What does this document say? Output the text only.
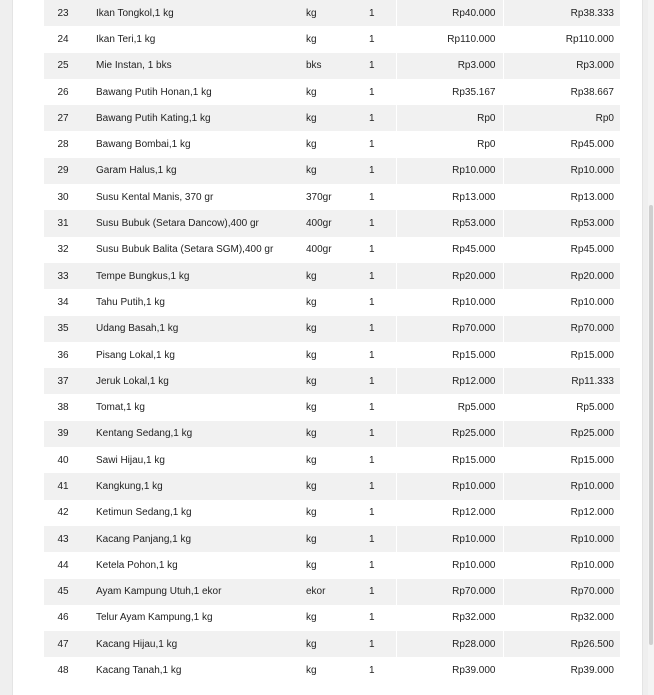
23	Ikan Tongkol,1 kg	kg	1	Rp40.000	Rp38.333
24	Ikan Teri,1 kg	kg	1	Rp110.000	Rp110.000
25	Mie Instan, 1 bks	bks	1	Rp3.000	Rp3.000
26	Bawang Putih Honan,1 kg	kg	1	Rp35.167	Rp38.667
27	Bawang Putih Kating,1 kg	kg	1	Rp0	Rp0
28	Bawang Bombai,1 kg	kg	1	Rp0	Rp45.000
29	Garam Halus,1 kg	kg	1	Rp10.000	Rp10.000
30	Susu Kental Manis, 370 gr	370gr	1	Rp13.000	Rp13.000
31	Susu Bubuk (Setara Dancow),400 gr	400gr	1	Rp53.000	Rp53.000
32	Susu Bubuk Balita (Setara SGM),400 gr	400gr	1	Rp45.000	Rp45.000
33	Tempe Bungkus,1 kg	kg	1	Rp20.000	Rp20.000
34	Tahu Putih,1 kg	kg	1	Rp10.000	Rp10.000
35	Udang Basah,1 kg	kg	1	Rp70.000	Rp70.000
36	Pisang Lokal,1 kg	kg	1	Rp15.000	Rp15.000
37	Jeruk Lokal,1 kg	kg	1	Rp12.000	Rp11.333
38	Tomat,1 kg	kg	1	Rp5.000	Rp5.000
39	Kentang Sedang,1 kg	kg	1	Rp25.000	Rp25.000
40	Sawi Hijau,1 kg	kg	1	Rp15.000	Rp15.000
41	Kangkung,1 kg	kg	1	Rp10.000	Rp10.000
42	Ketimun Sedang,1 kg	kg	1	Rp12.000	Rp12.000
43	Kacang Panjang,1 kg	kg	1	Rp10.000	Rp10.000
44	Ketela Pohon,1 kg	kg	1	Rp10.000	Rp10.000
45	Ayam Kampung Utuh,1 ekor	ekor	1	Rp70.000	Rp70.000
46	Telur Ayam Kampung,1 kg	kg	1	Rp32.000	Rp32.000
47	Kacang Hijau,1 kg	kg	1	Rp28.000	Rp26.500
48	Kacang Tanah,1 kg	kg	1	Rp39.000	Rp39.000
